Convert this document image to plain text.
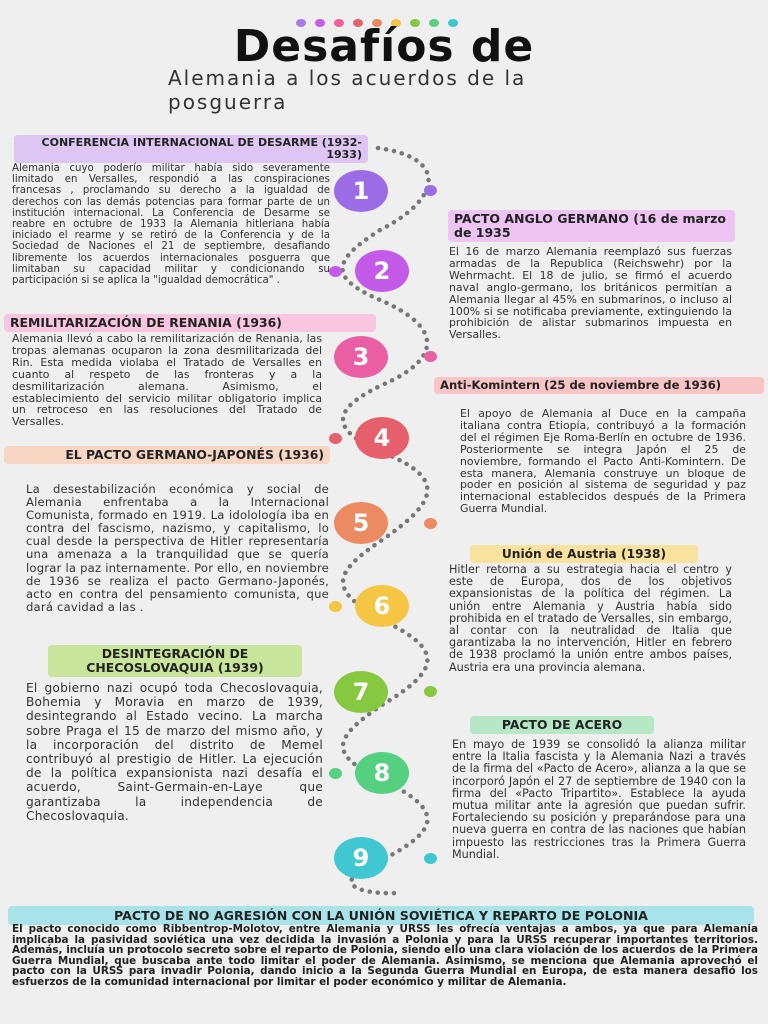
Desafíos de
Alemania a los acuerdos de la posguerra
1
2
3
4
5
6
7
8
9
CONFERENCIA INTERNACIONAL DE DESARME (1932-1933)

Alemania cuyo poderío militar había sido severamente limitado en Versalles, respondió a las conspiraciones francesas , proclamando su derecho a la igualdad de derechos con las demás potencias para formar parte de un institución internacional. La Conferencia de Desarme se reabre en octubre de 1933 la Alemania hitleriana había iniciado el rearme y se retiró de la Conferencia y de la Sociedad de Naciones el 21 de septiembre, desafiando libremente los acuerdos internacionales posguerra que limitaban su capacidad militar y condicionando su participación si se aplica la "igualdad democrática" .

PACTO ANGLO GERMANO (16 de marzo de 1935

El 16 de marzo Alemania reemplazó sus fuerzas armadas de la Republica (Reichswehr) por la Wehrmacht. El 18 de julio, se firmó el acuerdo naval anglo-germano, los británicos permitían a Alemania llegar al 45% en submarinos, o incluso al 100% si se notificaba previamente, extinguiendo la prohibición de alistar submarinos impuesta en Versalles.

REMILITARIZACIÓN DE RENANIA (1936)

Alemania llevó a cabo la remilitarización de Renania, las tropas alemanas ocuparon la zona desmilitarizada del Rin. Esta medida violaba el Tratado de Versalles en cuanto al respeto de las fronteras y a la desmilitarización alemana. Asimismo, el establecimiento del servicio militar obligatorio implica un retroceso en las resoluciones del Tratado de Versalles.

Anti-Komintern (25 de noviembre de 1936)

El apoyo de Alemania al Duce en la campaña italiana contra Etiopía, contribuyó a la formación del el régimen Eje Roma-Berlín en octubre de 1936. Posteriormente se integra Japón el 25 de noviembre, formando el Pacto Anti-Komintern. De esta manera, Alemania construye un bloque de poder en posición al sistema de seguridad y paz internacional establecidos después de la Primera Guerra Mundial.

EL PACTO GERMANO-JAPONÉS (1936)

La desestabilización económica y social de Alemania enfrentaba a la Internacional Comunista, formado en 1919. La idolología iba en contra del fascismo, nazismo, y capitalismo, lo cual desde la perspectiva de Hitler representaría una amenaza a la tranquilidad que se quería lograr la paz internamente. Por ello, en noviembre de 1936 se realiza el pacto Germano-Japonés, acto en contra del pensamiento comunista, que dará cavidad a las .

Unión de Austria (1938)

Hitler retorna a su estrategia hacia el centro y este de Europa, dos de los objetivos expansionistas de la política del régimen. La unión entre Alemania y Austria había sido prohibida en el tratado de Versalles, sin embargo, al contar con la neutralidad de Italia que garantizaba la no intervención, Hitler en febrero de 1938 proclamó la unión entre ambos países, Austria era una provincia alemana.

DESINTEGRACIÓN DE CHECOSLOVAQUIA (1939)

El gobierno nazi ocupó toda Checoslovaquia, Bohemia y Moravia en marzo de 1939, desintegrando al Estado vecino. La marcha sobre Praga el 15 de marzo del mismo año, y la incorporación del distrito de Memel contribuyó al prestigio de Hitler. La ejecución de la política expansionista nazi desafía el acuerdo, Saint-Germain-en-Laye que garantizaba la independencia de Checoslovaquia.

PACTO DE ACERO

En mayo de 1939 se consolidó la alianza militar entre la Italia fascista y la Alemania Nazi a través de la firma del «Pacto de Acero», alianza a la que se incorporó Japón el 27 de septiembre de 1940 con la firma del «Pacto Tripartito». Establece la ayuda mutua militar ante la agresión que puedan sufrir. Fortaleciendo su posición y preparándose para una nueva guerra en contra de las naciones que habían impuesto las restricciones tras la Primera Guerra Mundial.

PACTO DE NO AGRESIÓN CON LA UNIÓN SOVIÉTICA Y REPARTO DE POLONIA

El pacto conocido como Ribbentrop-Molotov, entre Alemania y URSS les ofrecía ventajas a ambos, ya que para Alemania implicaba la pasividad soviética una vez decidida la invasión a Polonia y para la URSS recuperar importantes territorios. Además, incluía un protocolo secreto sobre el reparto de Polonia, siendo ello una clara violación de los acuerdos de la Primera Guerra Mundial, que buscaba ante todo limitar el poder de Alemania. Asimismo, se menciona que Alemania aprovechó el pacto con la URSS para invadir Polonia, dando inicio a la Segunda Guerra Mundial en Europa, de esta manera desafió los esfuerzos de la comunidad internacional por limitar el poder económico y militar de Alemania.
